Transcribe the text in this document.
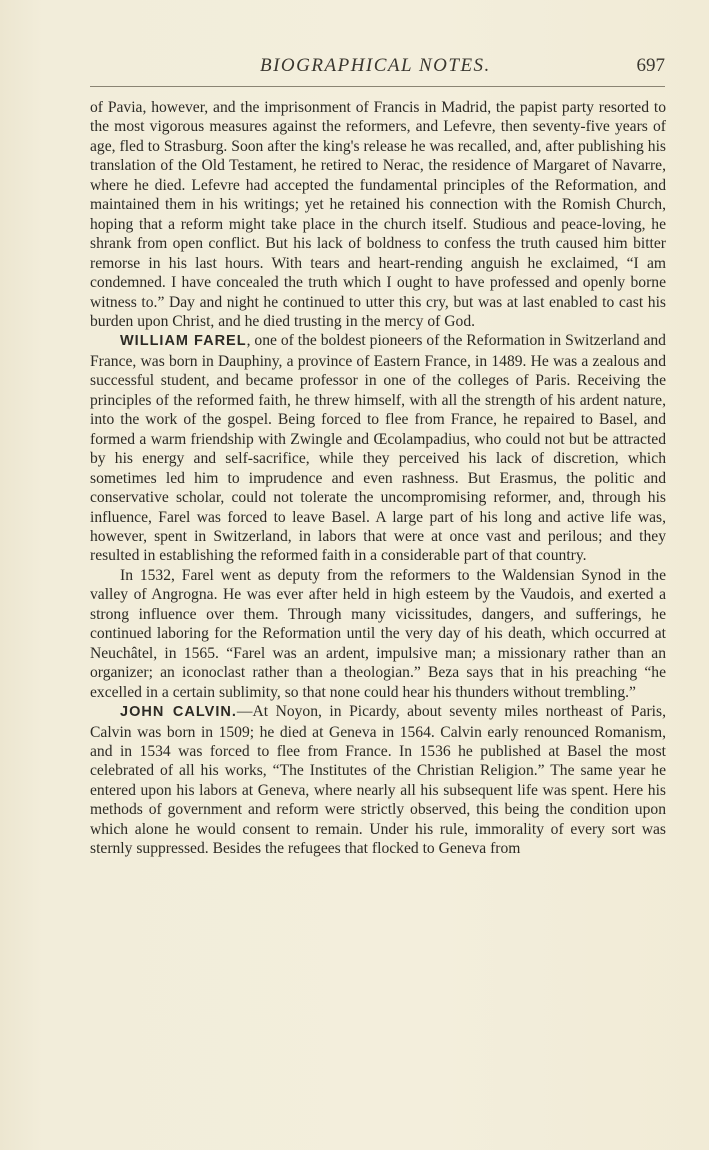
BIOGRAPHICAL NOTES.	697

of Pavia, however, and the imprisonment of Francis in Madrid, the papist party resorted to the most vigorous measures against the reformers, and Lefevre, then seventy-five years of age, fled to Strasburg. Soon after the king's release he was recalled, and, after publishing his translation of the Old Testament, he retired to Nerac, the residence of Margaret of Navarre, where he died. Lefevre had accepted the fundamental principles of the Reformation, and maintained them in his writings; yet he retained his connection with the Romish Church, hoping that a reform might take place in the church itself. Studious and peace-loving, he shrank from open conflict. But his lack of boldness to confess the truth caused him bitter remorse in his last hours. With tears and heart-rending anguish he exclaimed, “I am condemned. I have concealed the truth which I ought to have professed and openly borne witness to.” Day and night he continued to utter this cry, but was at last enabled to cast his burden upon Christ, and he died trusting in the mercy of God.

WILLIAM FAREL, one of the boldest pioneers of the Reformation in Switzerland and France, was born in Dauphiny, a province of Eastern France, in 1489. He was a zealous and successful student, and became professor in one of the colleges of Paris. Receiving the principles of the reformed faith, he threw himself, with all the strength of his ardent nature, into the work of the gospel. Being forced to flee from France, he repaired to Basel, and formed a warm friendship with Zwingle and Œcolampadius, who could not but be attracted by his energy and self-sacrifice, while they perceived his lack of discretion, which sometimes led him to imprudence and even rashness. But Erasmus, the politic and conservative scholar, could not tolerate the uncompromising reformer, and, through his influence, Farel was forced to leave Basel. A large part of his long and active life was, however, spent in Switzerland, in labors that were at once vast and perilous; and they resulted in establishing the reformed faith in a considerable part of that country.

In 1532, Farel went as deputy from the reformers to the Waldensian Synod in the valley of Angrogna. He was ever after held in high esteem by the Vaudois, and exerted a strong influence over them. Through many vicissitudes, dangers, and sufferings, he continued laboring for the Reformation until the very day of his death, which occurred at Neuchâtel, in 1565. “Farel was an ardent, impulsive man; a missionary rather than an organizer; an iconoclast rather than a theologian.” Beza says that in his preaching “he excelled in a certain sublimity, so that none could hear his thunders without trembling.”

JOHN CALVIN.—At Noyon, in Picardy, about seventy miles northeast of Paris, Calvin was born in 1509; he died at Geneva in 1564. Calvin early renounced Romanism, and in 1534 was forced to flee from France. In 1536 he published at Basel the most celebrated of all his works, “The Institutes of the Christian Religion.” The same year he entered upon his labors at Geneva, where nearly all his subsequent life was spent. Here his methods of government and reform were strictly observed, this being the condition upon which alone he would consent to remain. Under his rule, immorality of every sort was sternly suppressed. Besides the refugees that flocked to Geneva from
